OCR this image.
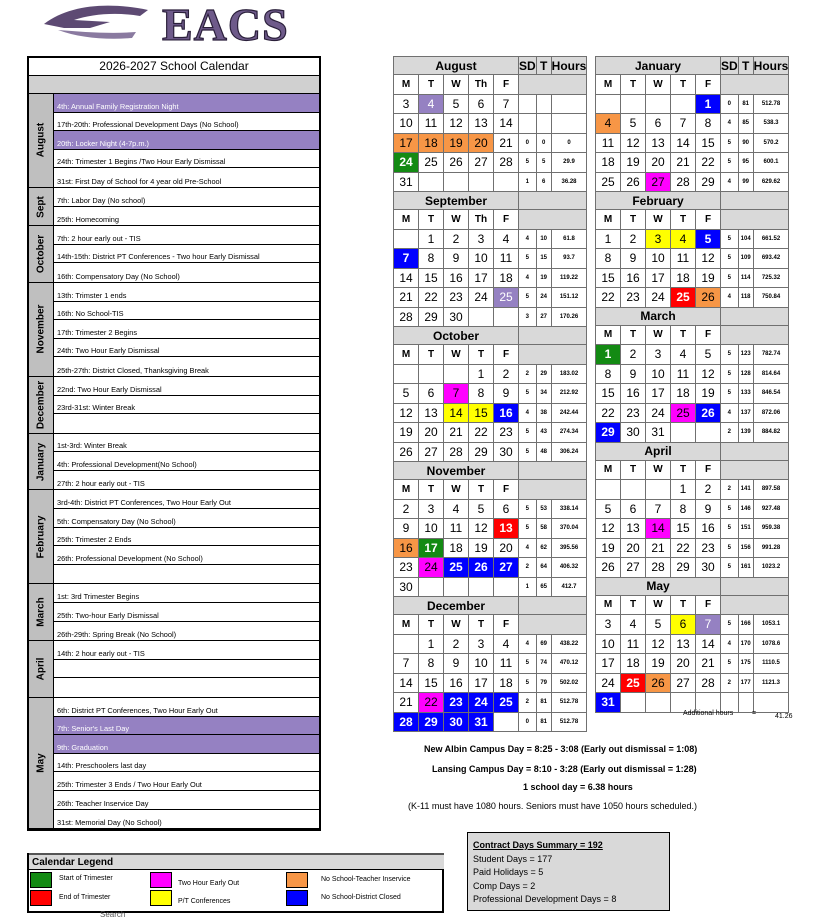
EACS
2026-2027 School Calendar
August
4th: Annual Family Registration Night
17th-20th: Professional Development Days (No School)
20th: Locker Night (4-7p.m.)
24th: Trimester 1 Begins /Two Hour Early Dismissal
31st: First Day of School for 4 year old Pre-School
Sept	7th: Labor Day (No school)
25th: Homecoming
October	7th: 2 hour early out - TIS
14th-15th: District PT Conferences - Two hour Early Dismissal
16th: Compensatory Day (No School)
November
13th: Trimster 1 ends
16th: No School-TIS
17th: Trimester 2 Begins
24th: Two Hour Early Dismissal
25th-27th: District Closed, Thanksgiving Break
December	22nd: Two Hour Early Dismissal
23rd-31st: Winter Break
January	1st-3rd: Winter Break
4th: Professional Development(No School)
27th: 2 hour early out - TIS
February
3rd-4th: District PT Conferences, Two Hour Early Out
5th: Compensatory Day (No School)
25th: Trimester 2 Ends
26th: Professional Development (No School)
March
1st: 3rd Trimester Begins
25th: Two-hour Early Dismissal
26th-29th: Spring Break (No School)
April
14th: 2 hour early out - TIS
May
6th: District PT Conferences, Two Hour Early Out
7th: Senior's Last Day
9th: Graduation
14th: Preschoolers last day
25th: Trimester 3 Ends / Two Hour Early Out
26th: Teacher Inservice Day
31st: Memorial Day (No School)
August					SD	T	Hours
M	T	W	Th	F			
3	4	5	6	7			
10	11	12	13	14			
17	18	19	20	21	0	0	0
24	25	26	27	28	5	5	29.9
31					1	6	36.28
September							
M	T	W	Th	F			
	1	2	3	4	4	10	61.8
7	8	9	10	11	5	15	93.7
14	15	16	17	18	4	19	119.22
21	22	23	24	25	5	24	151.12
28	29	30			3	27	170.26
October							
M	T	W	T	F			
			1	2	2	29	183.02
5	6	7	8	9	5	34	212.92
12	13	14	15	16	4	38	242.44
19	20	21	22	23	5	43	274.34
26	27	28	29	30	5	48	306.24
November							
M	T	W	T	F			
2	3	4	5	6	5	53	338.14
9	10	11	12	13	5	58	370.04
16	17	18	19	20	4	62	395.56
23	24	25	26	27	2	64	406.32
30					1	65	412.7
December							
M	T	W	T	F			
	1	2	3	4	4	69	438.22
7	8	9	10	11	5	74	470.12
14	15	16	17	18	5	79	502.02
21	22	23	24	25	2	81	512.78
28	29	30	31		0	81	512.78
January					SD	T	Hours
M	T	W	T	F			
				1	0	81	512.78
4	5	6	7	8	4	85	538.3
11	12	13	14	15	5	90	570.2
18	19	20	21	22	5	95	600.1
25	26	27	28	29	4	99	629.62
February							
M	T	W	T	F			
1	2	3	4	5	5	104	661.52
8	9	10	11	12	5	109	693.42
15	16	17	18	19	5	114	725.32
22	23	24	25	26	4	118	750.84
March							
M	T	W	T	F			
1	2	3	4	5	5	123	782.74
8	9	10	11	12	5	128	814.64
15	16	17	18	19	5	133	846.54
22	23	24	25	26	4	137	872.06
29	30	31			2	139	884.82
April							
M	T	W	T	F			
			1	2	2	141	897.58
5	6	7	8	9	5	146	927.48
12	13	14	15	16	5	151	959.38
19	20	21	22	23	5	156	991.28
26	27	28	29	30	5	161	1023.2
May							
M	T	W	T	F			
3	4	5	6	7	5	166	1053.1
10	11	12	13	14	4	170	1078.6
17	18	19	20	21	5	175	1110.5
24	25	26	27	28	2	177	1121.3
31							
Additional hours	=	41.26
New Albin Campus Day = 8:25 - 3:08 (Early out dismissal = 1:08)
Lansing Campus Day = 8:10 - 3:28 (Early out dismissal = 1:28)
1 school day = 6.38 hours
(K-11 must have 1080 hours. Seniors must have 1050 hours scheduled.)
Contract Days Summary = 192
Student Days = 177
Paid Holidays = 5
Comp Days = 2
Professional Development Days = 8
Calendar Legend
Start of Trimester
End of Trimester
Two Hour Early Out
P/T Conferences
No School-Teacher Inservice
No School-District Closed
Search
